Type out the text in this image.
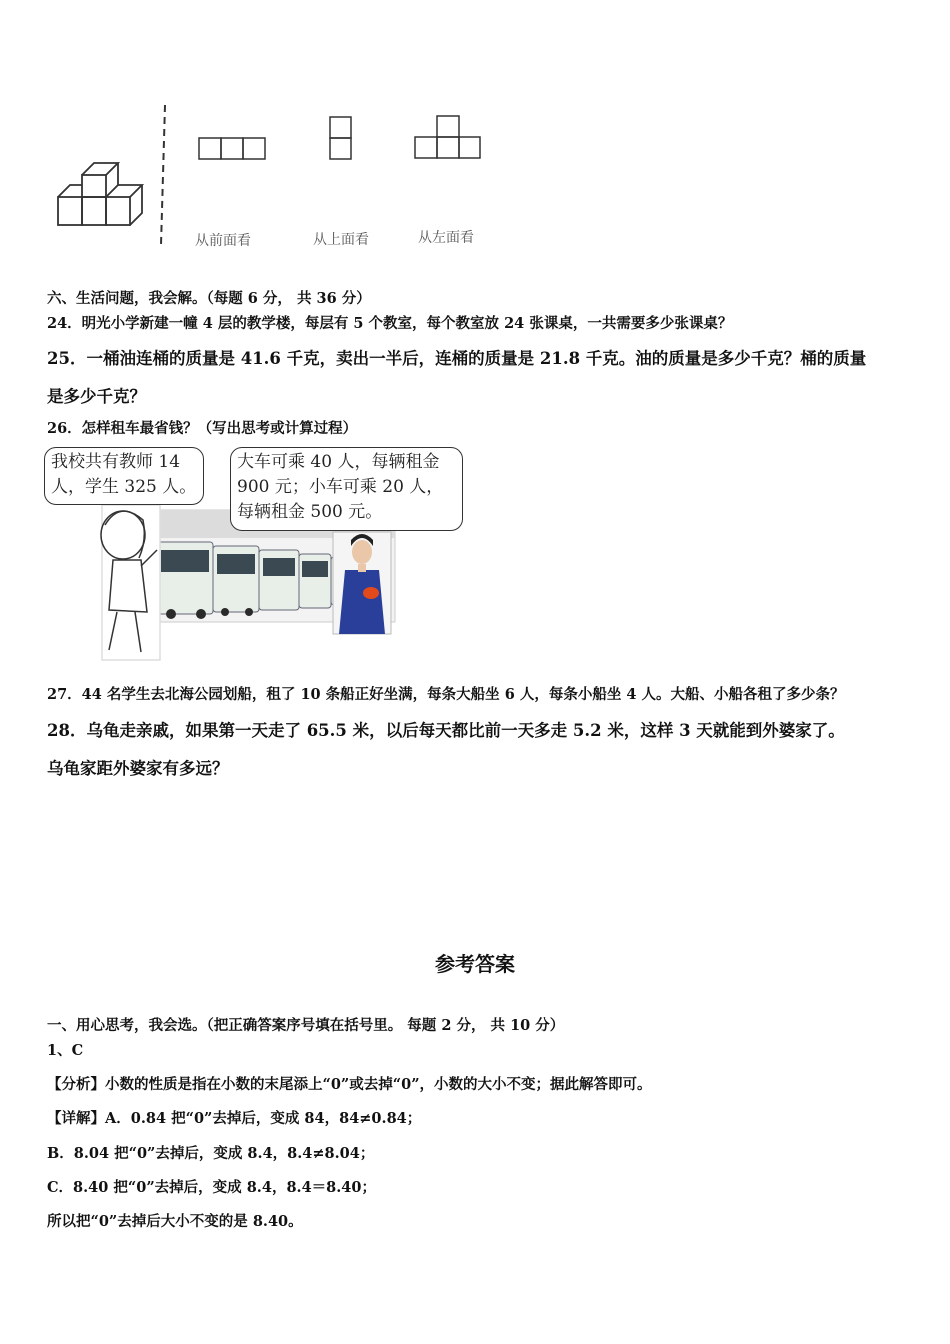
从前面看	从上面看	从左面看
六、生活问题，我会解。（每题 6 分， 共 36 分）
24．明光小学新建一幢 4 层的教学楼，每层有 5 个教室，每个教室放 24 张课桌，一共需要多少张课桌？
25．一桶油连桶的质量是 41.6 千克，卖出一半后，连桶的质量是 21.8 千克。油的质量是多少千克？桶的质量
是多少千克？
26．怎样租车最省钱？（写出思考或计算过程）
我校共有教师 14
人，学生 325 人。
大车可乘 40 人，每辆租金
900 元；小车可乘 20 人，
每辆租金 500 元。
27．44 名学生去北海公园划船，租了 10 条船正好坐满，每条大船坐 6 人，每条小船坐 4 人。大船、小船各租了多少条？
28．乌龟走亲戚，如果第一天走了 65.5 米，以后每天都比前一天多走 5.2 米，这样 3 天就能到外婆家了。
乌龟家距外婆家有多远？
参考答案
一、用心思考，我会选。（把正确答案序号填在括号里。 每题 2 分， 共 10 分）
1、C
【分析】小数的性质是指在小数的末尾添上“0”或去掉“0”，小数的大小不变；据此解答即可。
【详解】A．0.84 把“0”去掉后，变成 84，84≠0.84；
B．8.04 把“0”去掉后，变成 8.4，8.4≠8.04；
C．8.40 把“0”去掉后，变成 8.4，8.4＝8.40；
所以把“0”去掉后大小不变的是 8.40。
